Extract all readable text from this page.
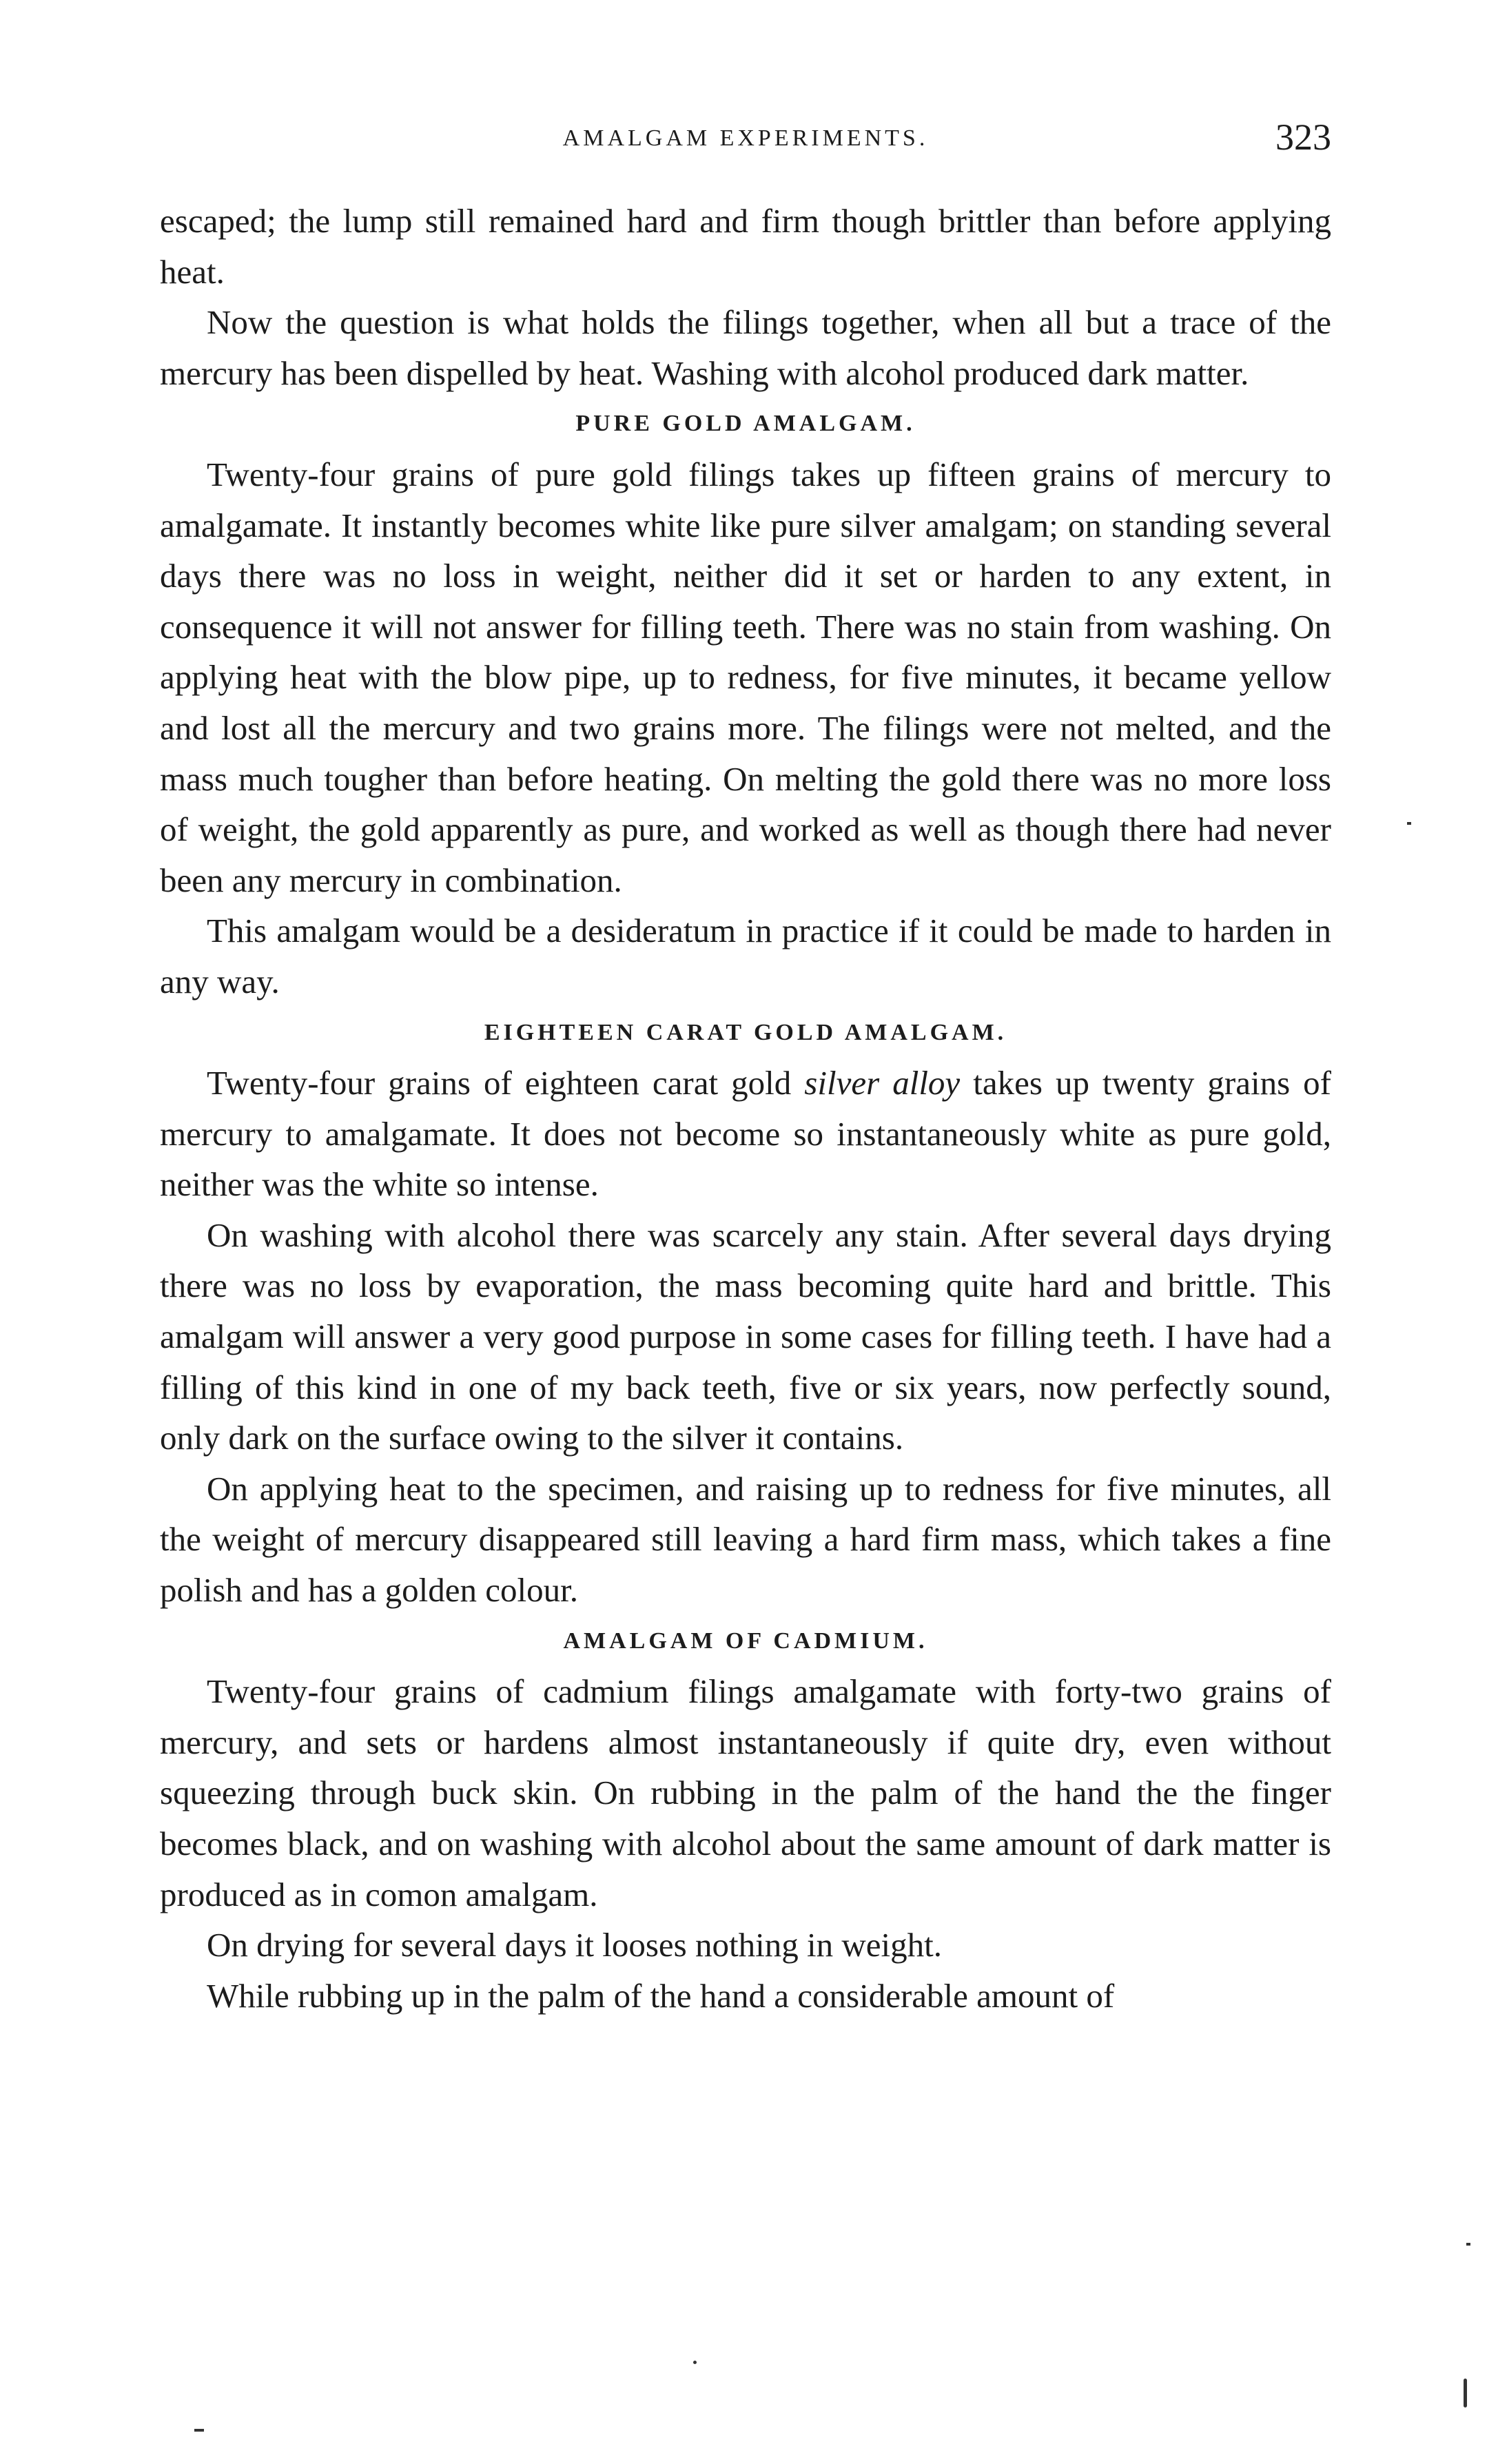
AMALGAM EXPERIMENTS.	323

escaped; the lump still remained hard and firm though brittler than before applying heat.

Now the question is what holds the filings together, when all but a trace of the mercury has been dispelled by heat. Washing with alcohol produced dark matter.

PURE GOLD AMALGAM.

Twenty-four grains of pure gold filings takes up fifteen grains of mercury to amalgamate. It instantly becomes white like pure silver amalgam; on standing several days there was no loss in weight, neither did it set or harden to any extent, in consequence it will not answer for filling teeth. There was no stain from washing. On applying heat with the blow pipe, up to redness, for five minutes, it became yellow and lost all the mercury and two grains more. The filings were not melted, and the mass much tougher than before heating. On melting the gold there was no more loss of weight, the gold apparently as pure, and worked as well as though there had never been any mercury in combination.

This amalgam would be a desideratum in practice if it could be made to harden in any way.

EIGHTEEN CARAT GOLD AMALGAM.

Twenty-four grains of eighteen carat gold silver alloy takes up twenty grains of mercury to amalgamate. It does not become so instantaneously white as pure gold, neither was the white so intense.

On washing with alcohol there was scarcely any stain. After several days drying there was no loss by evaporation, the mass becoming quite hard and brittle. This amalgam will answer a very good purpose in some cases for filling teeth. I have had a filling of this kind in one of my back teeth, five or six years, now perfectly sound, only dark on the surface owing to the silver it contains.

On applying heat to the specimen, and raising up to redness for five minutes, all the weight of mercury disappeared still leaving a hard firm mass, which takes a fine polish and has a golden colour.

AMALGAM OF CADMIUM.

Twenty-four grains of cadmium filings amalgamate with forty-two grains of mercury, and sets or hardens almost instantaneously if quite dry, even without squeezing through buck skin. On rubbing in the palm of the hand the the finger becomes black, and on washing with alcohol about the same amount of dark matter is produced as in comon amalgam.

On drying for several days it looses nothing in weight.

While rubbing up in the palm of the hand a considerable amount of
